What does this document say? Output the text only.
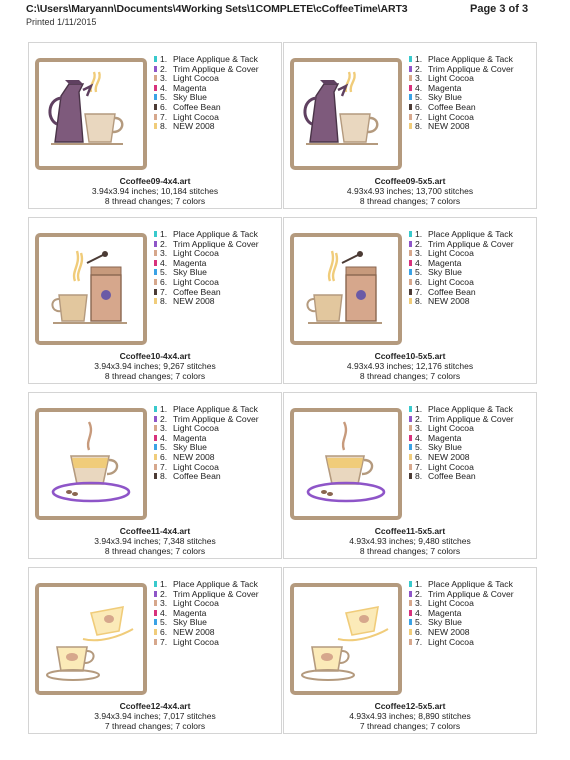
C:\Users\Maryann\Documents\4Working Sets\1COMPLETE\cCoffeeTime\ART3
Printed 1/11/2015
Page 3 of 3
1. Place Applique & Tack
2. Trim Applique & Cover
3. Light Cocoa
4. Magenta
5. Sky Blue
6. Coffee Bean
7. Light Cocoa
8. NEW 2008
Ccoffee09-4x4.art
3.94x3.94 inches; 10,184 stitches
8 thread changes; 7 colors
1. Place Applique & Tack
2. Trim Applique & Cover
3. Light Cocoa
4. Magenta
5. Sky Blue
6. Coffee Bean
7. Light Cocoa
8. NEW 2008
Ccoffee09-5x5.art
4.93x4.93 inches; 13,700 stitches
8 thread changes; 7 colors
1. Place Applique & Tack
2. Trim Applique & Cover
3. Light Cocoa
4. Magenta
5. Sky Blue
6. Light Cocoa
7. Coffee Bean
8. NEW 2008
Ccoffee10-4x4.art
3.94x3.94 inches; 9,267 stitches
8 thread changes; 7 colors
1. Place Applique & Tack
2. Trim Applique & Cover
3. Light Cocoa
4. Magenta
5. Sky Blue
6. Light Cocoa
7. Coffee Bean
8. NEW 2008
Ccoffee10-5x5.art
4.93x4.93 inches; 12,176 stitches
8 thread changes; 7 colors
1. Place Applique & Tack
2. Trim Applique & Cover
3. Light Cocoa
4. Magenta
5. Sky Blue
6. NEW 2008
7. Light Cocoa
8. Coffee Bean
Ccoffee11-4x4.art
3.94x3.94 inches; 7,348 stitches
8 thread changes; 7 colors
1. Place Applique & Tack
2. Trim Applique & Cover
3. Light Cocoa
4. Magenta
5. Sky Blue
6. NEW 2008
7. Light Cocoa
8. Coffee Bean
Ccoffee11-5x5.art
4.93x4.93 inches; 9,480 stitches
8 thread changes; 7 colors
1. Place Applique & Tack
2. Trim Applique & Cover
3. Light Cocoa
4. Magenta
5. Sky Blue
6. NEW 2008
7. Light Cocoa
Ccoffee12-4x4.art
3.94x3.94 inches; 7,017 stitches
7 thread changes; 7 colors
1. Place Applique & Tack
2. Trim Applique & Cover
3. Light Cocoa
4. Magenta
5. Sky Blue
6. NEW 2008
7. Light Cocoa
Ccoffee12-5x5.art
4.93x4.93 inches; 8,890 stitches
7 thread changes; 7 colors
